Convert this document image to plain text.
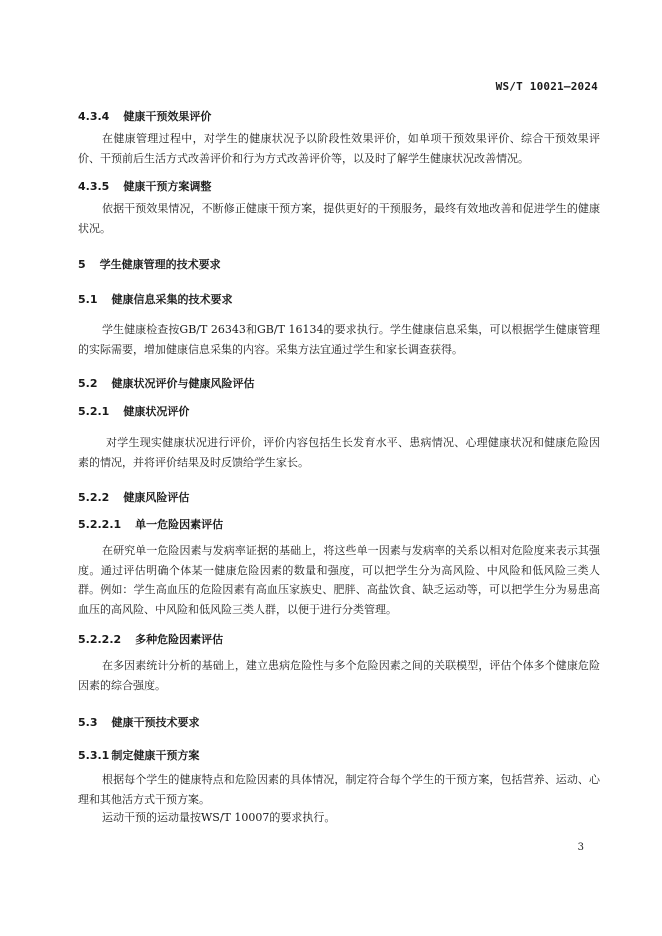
WS/T 10021—2024
4.3.4 健康干预效果评价
在健康管理过程中，对学生的健康状况予以阶段性效果评价，如单项干预效果评价、综合干预效果评价、干预前后生活方式改善评价和行为方式改善评价等，以及时了解学生健康状况改善情况。
4.3.5 健康干预方案调整
依据干预效果情况，不断修正健康干预方案，提供更好的干预服务，最终有效地改善和促进学生的健康状况。
5 学生健康管理的技术要求
5.1 健康信息采集的技术要求
学生健康检查按GB/T 26343和GB/T 16134的要求执行。学生健康信息采集，可以根据学生健康管理的实际需要，增加健康信息采集的内容。采集方法宜通过学生和家长调查获得。
5.2 健康状况评价与健康风险评估
5.2.1 健康状况评价
对学生现实健康状况进行评价，评价内容包括生长发育水平、患病情况、心理健康状况和健康危险因素的情况，并将评价结果及时反馈给学生家长。
5.2.2 健康风险评估
5.2.2.1 单一危险因素评估
在研究单一危险因素与发病率证据的基础上，将这些单一因素与发病率的关系以相对危险度来表示其强度。通过评估明确个体某一健康危险因素的数量和强度，可以把学生分为高风险、中风险和低风险三类人群。例如：学生高血压的危险因素有高血压家族史、肥胖、高盐饮食、缺乏运动等，可以把学生分为易患高血压的高风险、中风险和低风险三类人群，以便于进行分类管理。
5.2.2.2 多种危险因素评估
在多因素统计分析的基础上，建立患病危险性与多个危险因素之间的关联模型，评估个体多个健康危险因素的综合强度。
5.3 健康干预技术要求
5.3.1 制定健康干预方案
根据每个学生的健康特点和危险因素的具体情况，制定符合每个学生的干预方案，包括营养、运动、心理和其他活方式干预方案。
运动干预的运动量按WS/T 10007的要求执行。
3
